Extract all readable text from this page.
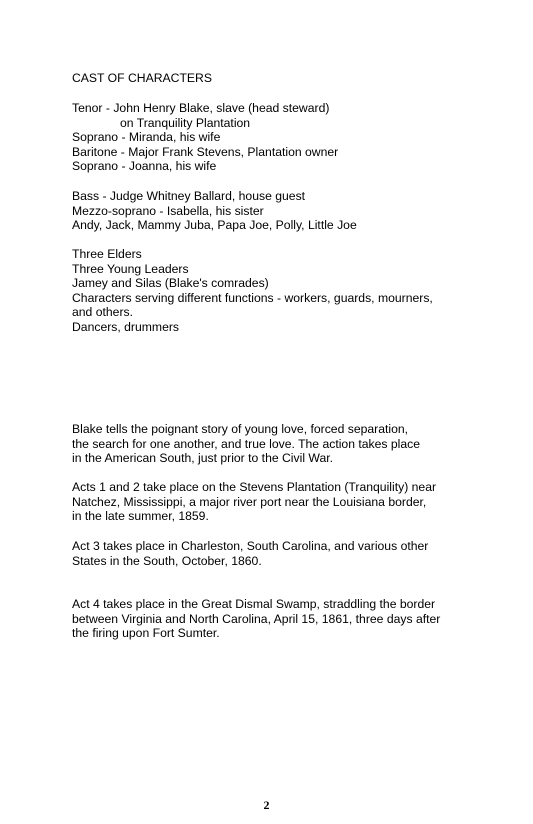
CAST OF CHARACTERS
Tenor - John Henry Blake, slave (head steward)
on Tranquility Plantation
Soprano - Miranda, his wife
Baritone - Major Frank Stevens, Plantation owner
Soprano - Joanna, his wife
Bass - Judge Whitney Ballard, house guest
Mezzo-soprano - Isabella, his sister
Andy, Jack, Mammy Juba, Papa Joe, Polly, Little Joe
Three Elders
Three Young Leaders
Jamey and Silas (Blake's comrades)
Characters serving different functions - workers, guards, mourners,
and others.
Dancers, drummers
Blake tells the poignant story of young love, forced separation,
the search for one another, and true love. The action takes place
in the American South, just prior to the Civil War.
Acts 1 and 2 take place on the Stevens Plantation (Tranquility) near
Natchez, Mississippi, a major river port near the Louisiana border,
in the late summer, 1859.
Act 3 takes place in Charleston, South Carolina, and various other
States in the South, October, 1860.
Act 4 takes place in the Great Dismal Swamp, straddling the border
between Virginia and North Carolina, April 15, 1861, three days after
the firing upon Fort Sumter.
2
